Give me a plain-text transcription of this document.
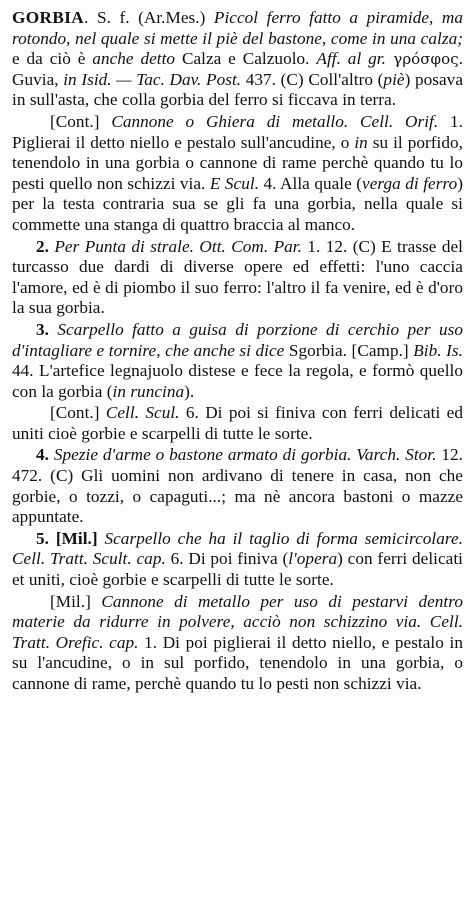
GORBIA. S. f. (Ar.Mes.) Piccol ferro fatto a piramide, ma rotondo, nel quale si mette il piè del bastone, come in una calza; e da ciò è anche detto Calza e Calzuolo. Aff. al gr. γρόσφος. Guvia, in Isid. — Tac. Dav. Post. 437. (C) Coll'altro (piè) posava in sull'asta, che colla gorbia del ferro si ficcava in terra.

[Cont.] Cannone o Ghiera di metallo. Cell. Orif. 1. Piglierai il detto niello e pestalo sull'ancudine, o in su il porfido, tenendolo in una gorbia o cannone di rame perchè quando tu lo pesti quello non schizzi via. E Scul. 4. Alla quale (verga di ferro) per la testa contraria sua se gli fa una gorbia, nella quale si commette una stanga di quattro braccia al manco.

2. Per Punta di strale. Ott. Com. Par. 1. 12. (C) E trasse del turcasso due dardi di diverse opere ed effetti: l'uno caccia l'amore, ed è di piombo il suo ferro: l'altro il fa venire, ed è d'oro la sua gorbia.

3. Scarpello fatto a guisa di porzione di cerchio per uso d'intagliare e tornire, che anche si dice Sgorbia. [Camp.] Bib. Is. 44. L'artefice legnajuolo distese e fece la regola, e formò quello con la gorbia (in runcina).

[Cont.] Cell. Scul. 6. Di poi si finiva con ferri delicati ed uniti cioè gorbie e scarpelli di tutte le sorte.

4. Spezie d'arme o bastone armato di gorbia. Varch. Stor. 12. 472. (C) Gli uomini non ardivano di tenere in casa, non che gorbie, o tozzi, o capaguti...; ma nè ancora bastoni o mazze appuntate.

5. [Mil.] Scarpello che ha il taglio di forma semicircolare. Cell. Tratt. Scult. cap. 6. Di poi finiva (l'opera) con ferri delicati et uniti, cioè gorbie e scarpelli di tutte le sorte.

[Mil.] Cannone di metallo per uso di pestarvi dentro materie da ridurre in polvere, acciò non schizzino via. Cell. Tratt. Orefic. cap. 1. Di poi piglierai il detto niello, e pestalo in su l'ancudine, o in sul porfido, tenendolo in una gorbia, o cannone di rame, perchè quando tu lo pesti non schizzi via.
